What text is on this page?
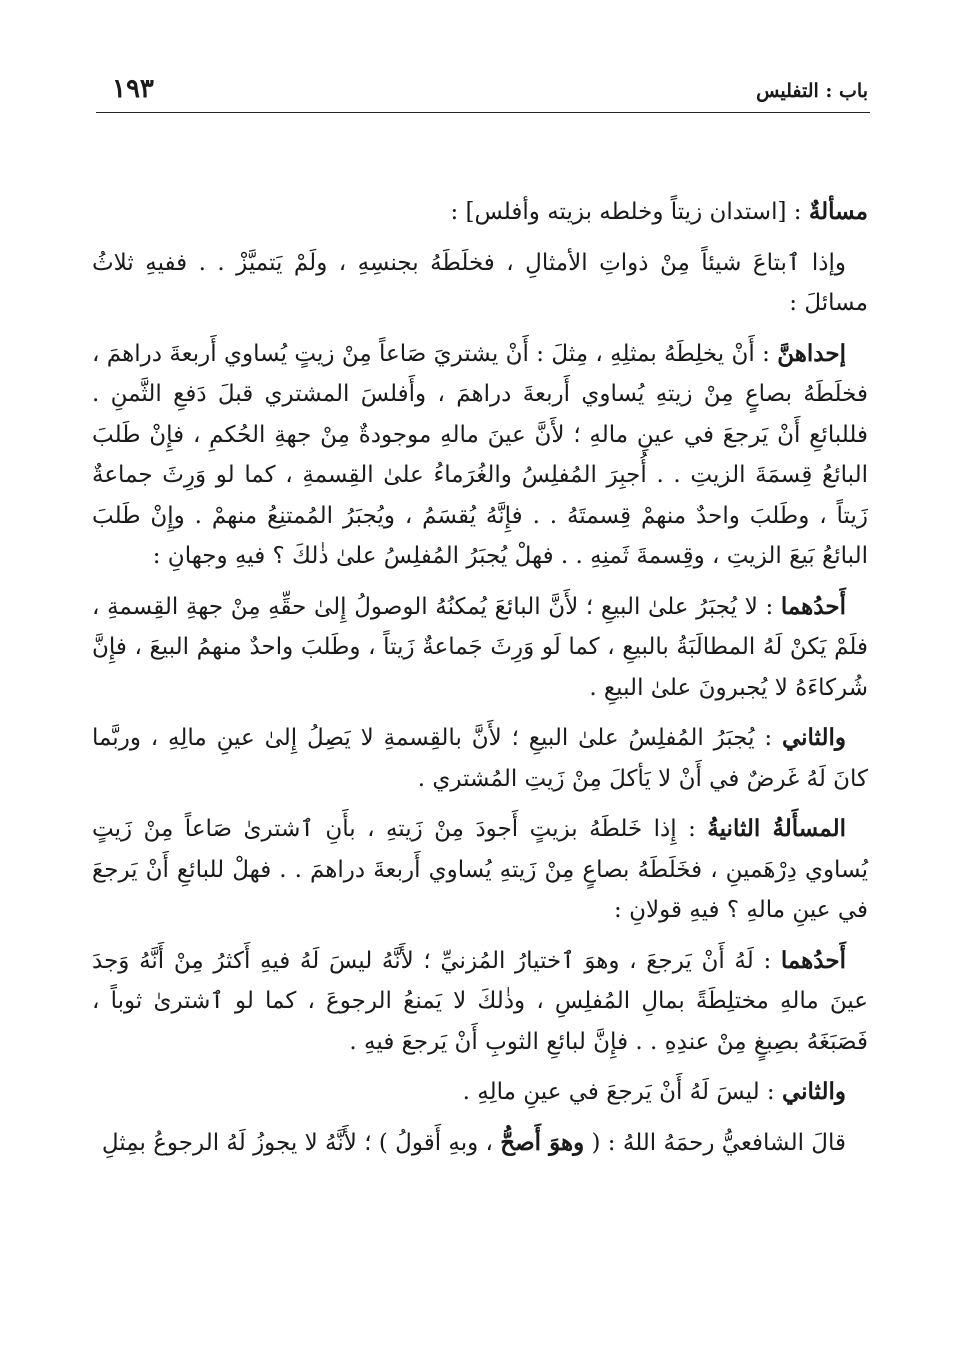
باب : التفليس
١٩٣

مسألةٌ : [استدان زيتاً وخلطه بزيته وأفلس] :

وإذا ٱبتاعَ شيئاً مِنْ ذواتِ الأمثالِ ، فخلَطَهُ بجنسِهِ ، ولَمْ يَتميَّزْ . . ففيهِ ثلاثُ مسائلَ :

إحداهنَّ : أَنْ يخلِطَهُ بمثلِهِ ، مِثلَ : أَنْ يشتريَ صَاعاً مِنْ زيتٍ يُساوي أَربعةَ دراهمَ ، فخلَطَهُ بصاعٍ مِنْ زيتهِ يُساوي أَربعةَ دراهمَ ، وأَفلسَ المشتري قبلَ دَفعِ الثَّمنِ . فللبائعِ أَنْ يَرجعَ في عينِ مالهِ ؛ لأَنَّ عينَ مالهِ موجودةٌ مِنْ جهةِ الحُكمِ ، فإِنْ طَلبَ البائعُ قِسمَةَ الزيتِ . . أُجبِرَ المُفلِسُ والغُرَماءُ علىٰ القِسمةِ ، كما لو وَرِثَ جماعةٌ زَيتاً ، وطَلبَ واحدٌ منهمْ قِسمتَهُ . . فإِنَّهُ يُقسَمُ ، ويُجبَرُ المُمتنِعُ منهمْ . وإِنْ طَلبَ البائعُ بَيعَ الزيتِ ، وقِسمةَ ثَمنِهِ . . فهلْ يُجبَرُ المُفلِسُ علىٰ ذٰلكَ ؟ فيهِ وجهانِ :

أَحدُهما : لا يُجبَرُ علىٰ البيعِ ؛ لأَنَّ البائعَ يُمكنُهُ الوصولُ إِلىٰ حقِّهِ مِنْ جهةِ القِسمةِ ، فلَمْ يَكنْ لَهُ المطالَبَةُ بالبيعِ ، كما لَو وَرِثَ جَماعةٌ زَيتاً ، وطَلبَ واحدٌ منهمُ البيعَ ، فإِنَّ شُركاءَهُ لا يُجبرونَ علىٰ البيعِ .

والثاني : يُجبَرُ المُفلِسُ علىٰ البيعِ ؛ لأَنَّ بالقِسمةِ لا يَصِلُ إِلىٰ عينِ مالِهِ ، وربَّما كانَ لَهُ غَرضٌ في أَنْ لا يَأكلَ مِنْ زَيتِ المُشتري .

المسأَلةُ الثانيةُ : إِذا خَلطَهُ بزيتٍ أَجودَ مِنْ زَيتهِ ، بأَنِ ٱشترىٰ صَاعاً مِنْ زَيتٍ يُساوي دِرْهَمينِ ، فخَلَطَهُ بصاعٍ مِنْ زَيتهِ يُساوي أَربعةَ دراهمَ . . فهلْ للبائعِ أَنْ يَرجعَ في عينِ مالهِ ؟ فيهِ قولانِ :

أَحدُهما : لَهُ أَنْ يَرجعَ ، وهوَ ٱختيارُ المُزنيِّ ؛ لأَنَّهُ ليسَ لَهُ فيهِ أَكثرُ مِنْ أَنَّهُ وَجدَ عينَ مالهِ مختلِطَةً بمالِ المُفلِسِ ، وذٰلكَ لا يَمنعُ الرجوعَ ، كما لو ٱشترىٰ ثوباً ، فَصَبَغَهُ بصِبغٍ مِنْ عندِهِ . . فإِنَّ لبائعِ الثوبِ أَنْ يَرجعَ فيهِ .

والثاني : ليسَ لَهُ أَنْ يَرجعَ في عينِ مالِهِ .

قالَ الشافعيُّ رحمَهُ اللهُ : ( وهوَ أَصحُّ ، وبهِ أَقولُ ) ؛ لأَنَّهُ لا يجوزُ لَهُ الرجوعُ بمِثلِ
